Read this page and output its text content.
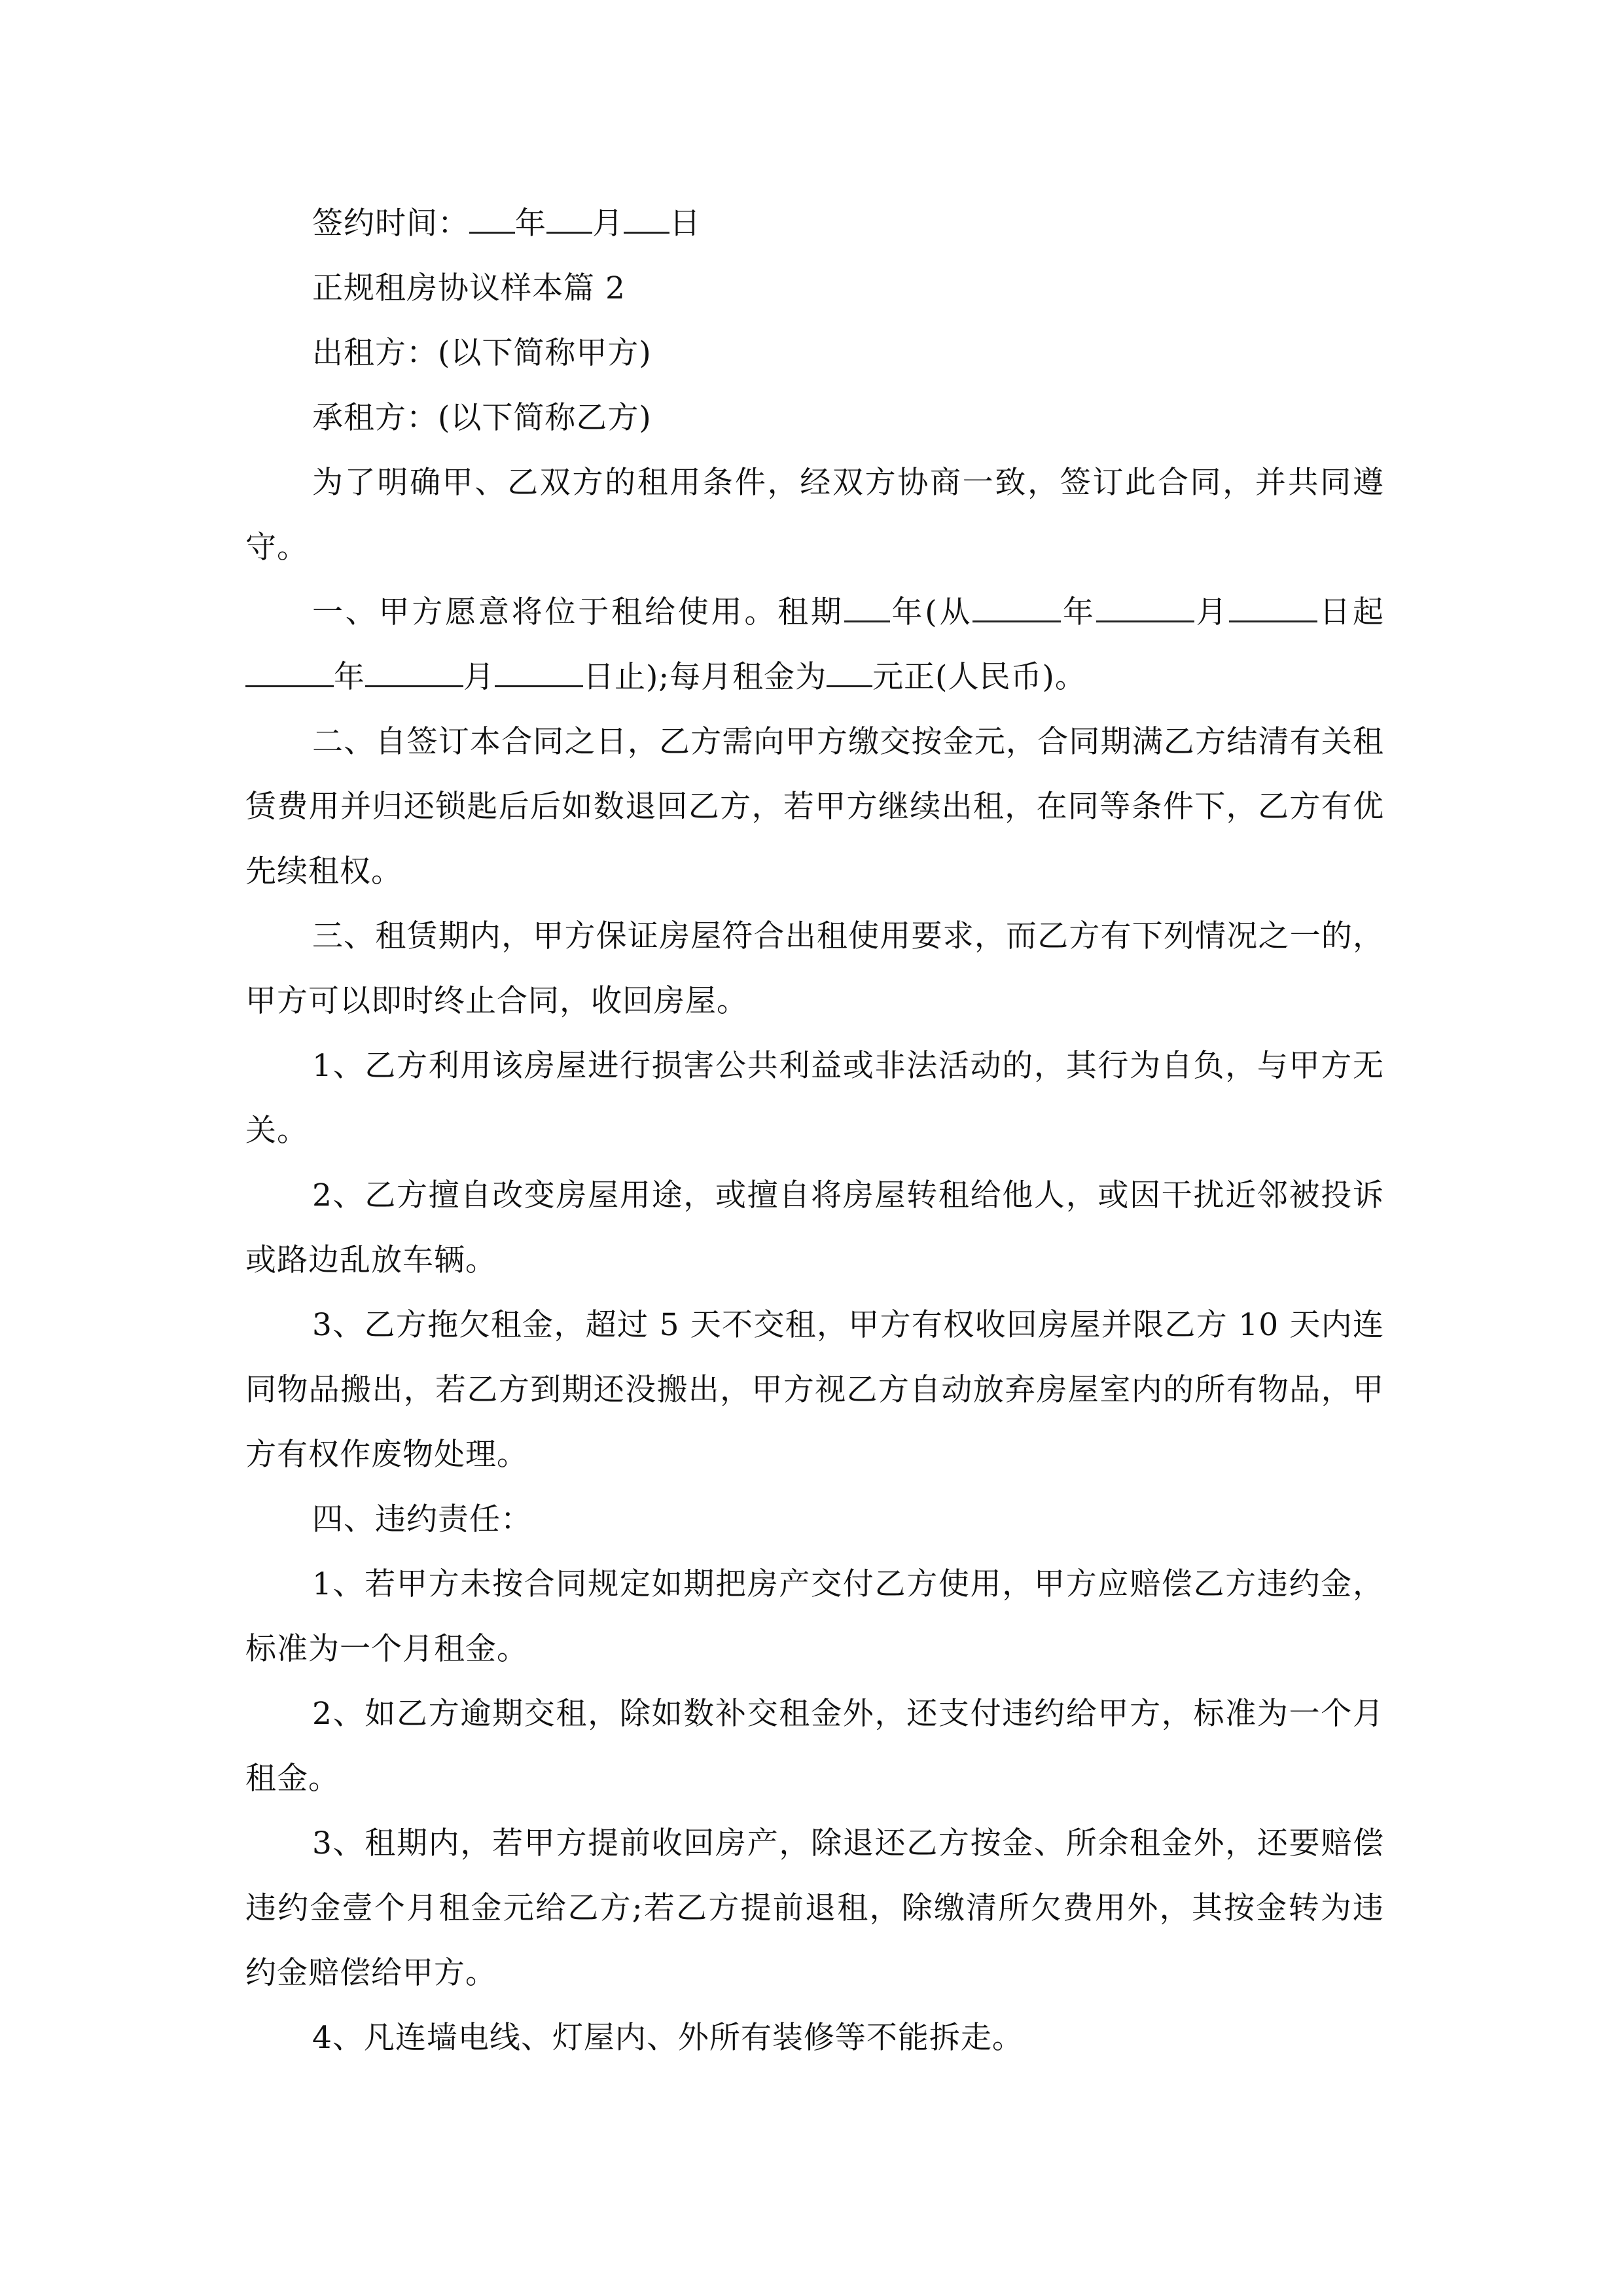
签约时间： 年 月 日

正规租房协议样本篇 2

出租方：(以下简称甲方)

承租方：(以下简称乙方)

为了明确甲、乙双方的租用条件，经双方协商一致，签订此合同，并共同遵守。

一、甲方愿意将位于租给使用。租期 年(从	年	月	日起年	月	日止);每月租金为 元正(人民币)。

二、自签订本合同之日，乙方需向甲方缴交按金元，合同期满乙方结清有关租赁费用并归还锁匙后后如数退回乙方，若甲方继续出租，在同等条件下，乙方有优先续租权。

三、租赁期内，甲方保证房屋符合出租使用要求，而乙方有下列情况之一的，甲方可以即时终止合同，收回房屋。

1、乙方利用该房屋进行损害公共利益或非法活动的，其行为自负，与甲方无关。

2、乙方擅自改变房屋用途，或擅自将房屋转租给他人，或因干扰近邻被投诉或路边乱放车辆。

3、乙方拖欠租金，超过 5 天不交租，甲方有权收回房屋并限乙方 10 天内连同物品搬出，若乙方到期还没搬出，甲方视乙方自动放弃房屋室内的所有物品，甲方有权作废物处理。

四、违约责任：

1、若甲方未按合同规定如期把房产交付乙方使用，甲方应赔偿乙方违约金，标准为一个月租金。

2、如乙方逾期交租，除如数补交租金外，还支付违约给甲方，标准为一个月租金。

3、租期内，若甲方提前收回房产，除退还乙方按金、所余租金外，还要赔偿违约金壹个月租金元给乙方;若乙方提前退租，除缴清所欠费用外，其按金转为违约金赔偿给甲方。

4、凡连墙电线、灯屋内、外所有装修等不能拆走。
